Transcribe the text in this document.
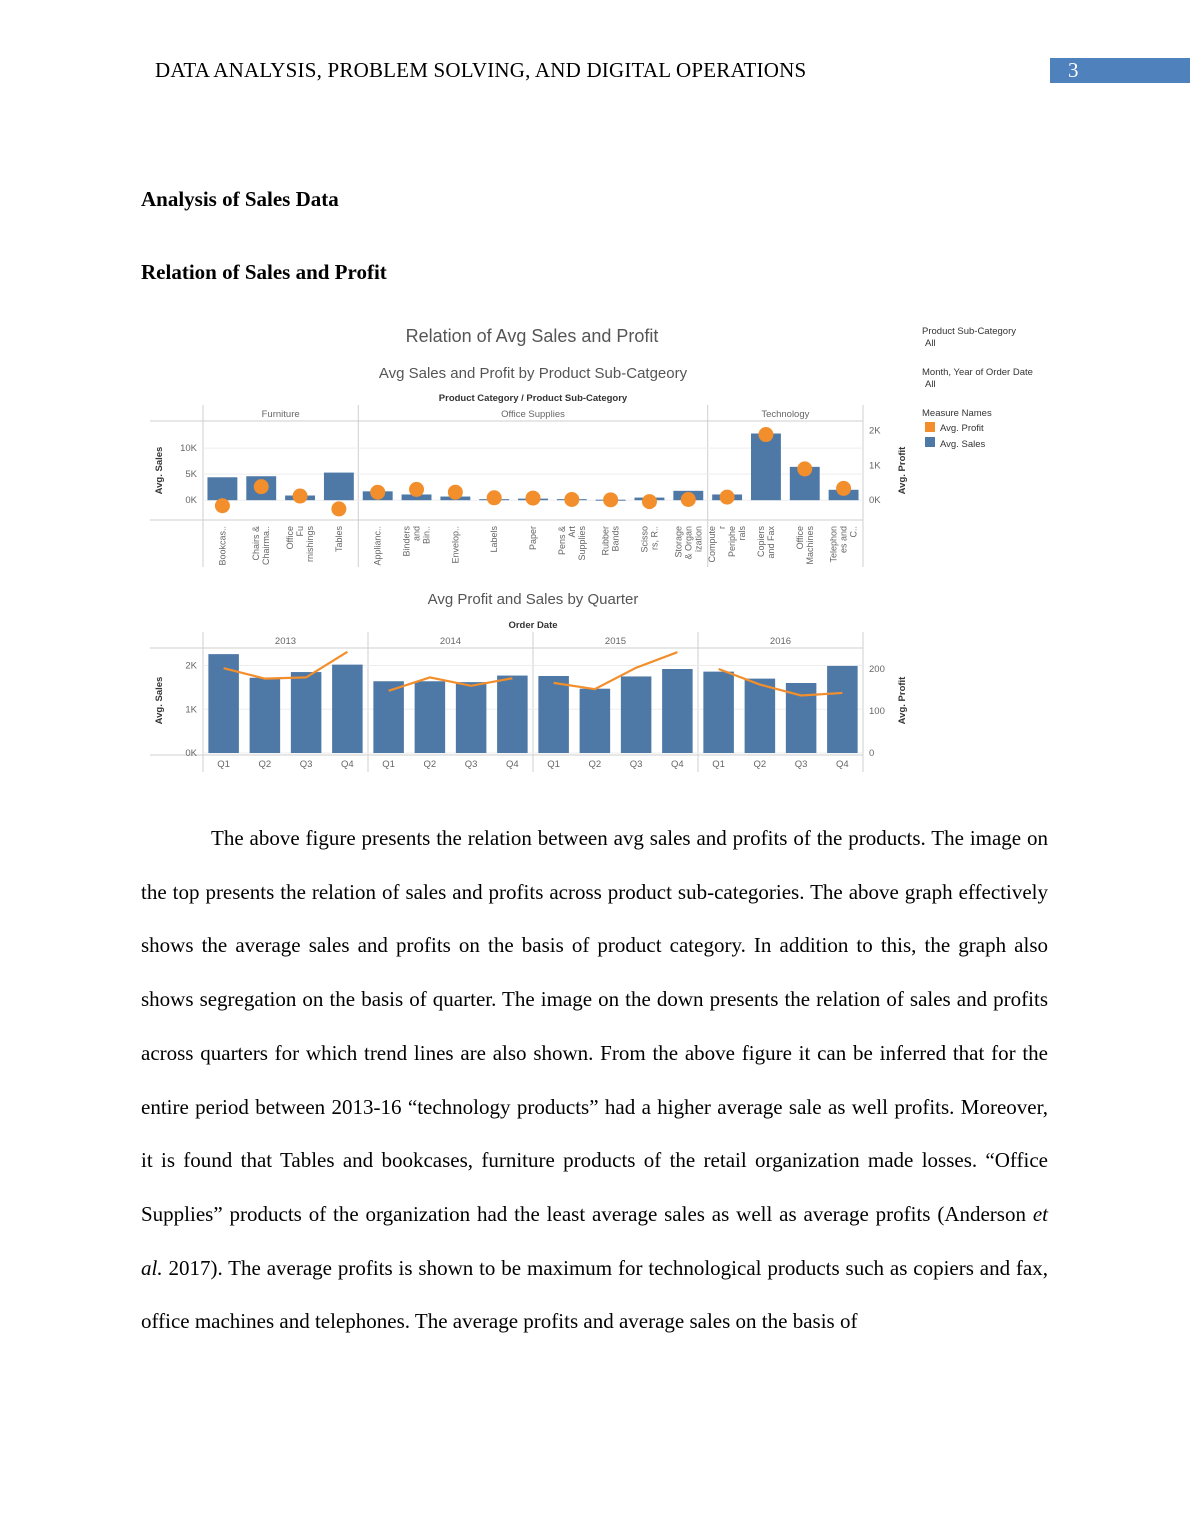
DATA ANALYSIS, PROBLEM SOLVING, AND DIGITAL OPERATIONS	3
Analysis of Sales Data
Relation of Sales and Profit
Relation of Avg Sales and Profit	Product Sub-Category
All
Month, Year of Order Date
All
Measure Names
Avg. Profit
Avg. Sales
Avg Sales and Profit by Product Sub-Catgeory
Product Category / Product Sub-Category
Furniture	Office Supplies	Technology
0K
5K
10K
0K
1K
2K
Avg. Sales	Avg. Profit
Bookcas..	Chairs &Chairma.. OfficeFurnishings Tables	Applianc.. BindersandBin.. Envelop..	Labels	Paper Pens &ArtSupplies RubberBands Scissors, R.. Storage& Organization ComputerPeripherals Copiersand Fax OfficeMachines Telephones andC..
Avg Profit and Sales by Quarter
Order Date
2013	2014	2015	2016
0K
1K
2K
0
100
200
Avg. Sales	Avg. Profit
Q1	Q2	Q3	Q4	Q1	Q2	Q3	Q4	Q1	Q2	Q3	Q4	Q1	Q2	Q3	Q4

The above figure presents the relation between avg sales and profits of the products. The image on the top presents the relation of sales and profits across product sub-categories. The above graph effectively shows the average sales and profits on the basis of product category. In addition to this, the graph also shows segregation on the basis of quarter. The image on the down presents the relation of sales and profits across quarters for which trend lines are also shown. From the above figure it can be inferred that for the entire period between 2013-16 “technology products” had a higher average sale as well profits. Moreover, it is found that Tables and bookcases, furniture products of the retail organization made losses. “Office Supplies” products of the organization had the least average sales as well as average profits (Anderson et al. 2017). The average profits is shown to be maximum for technological products such as copiers and fax, office machines and telephones. The average profits and average sales on the basis of
